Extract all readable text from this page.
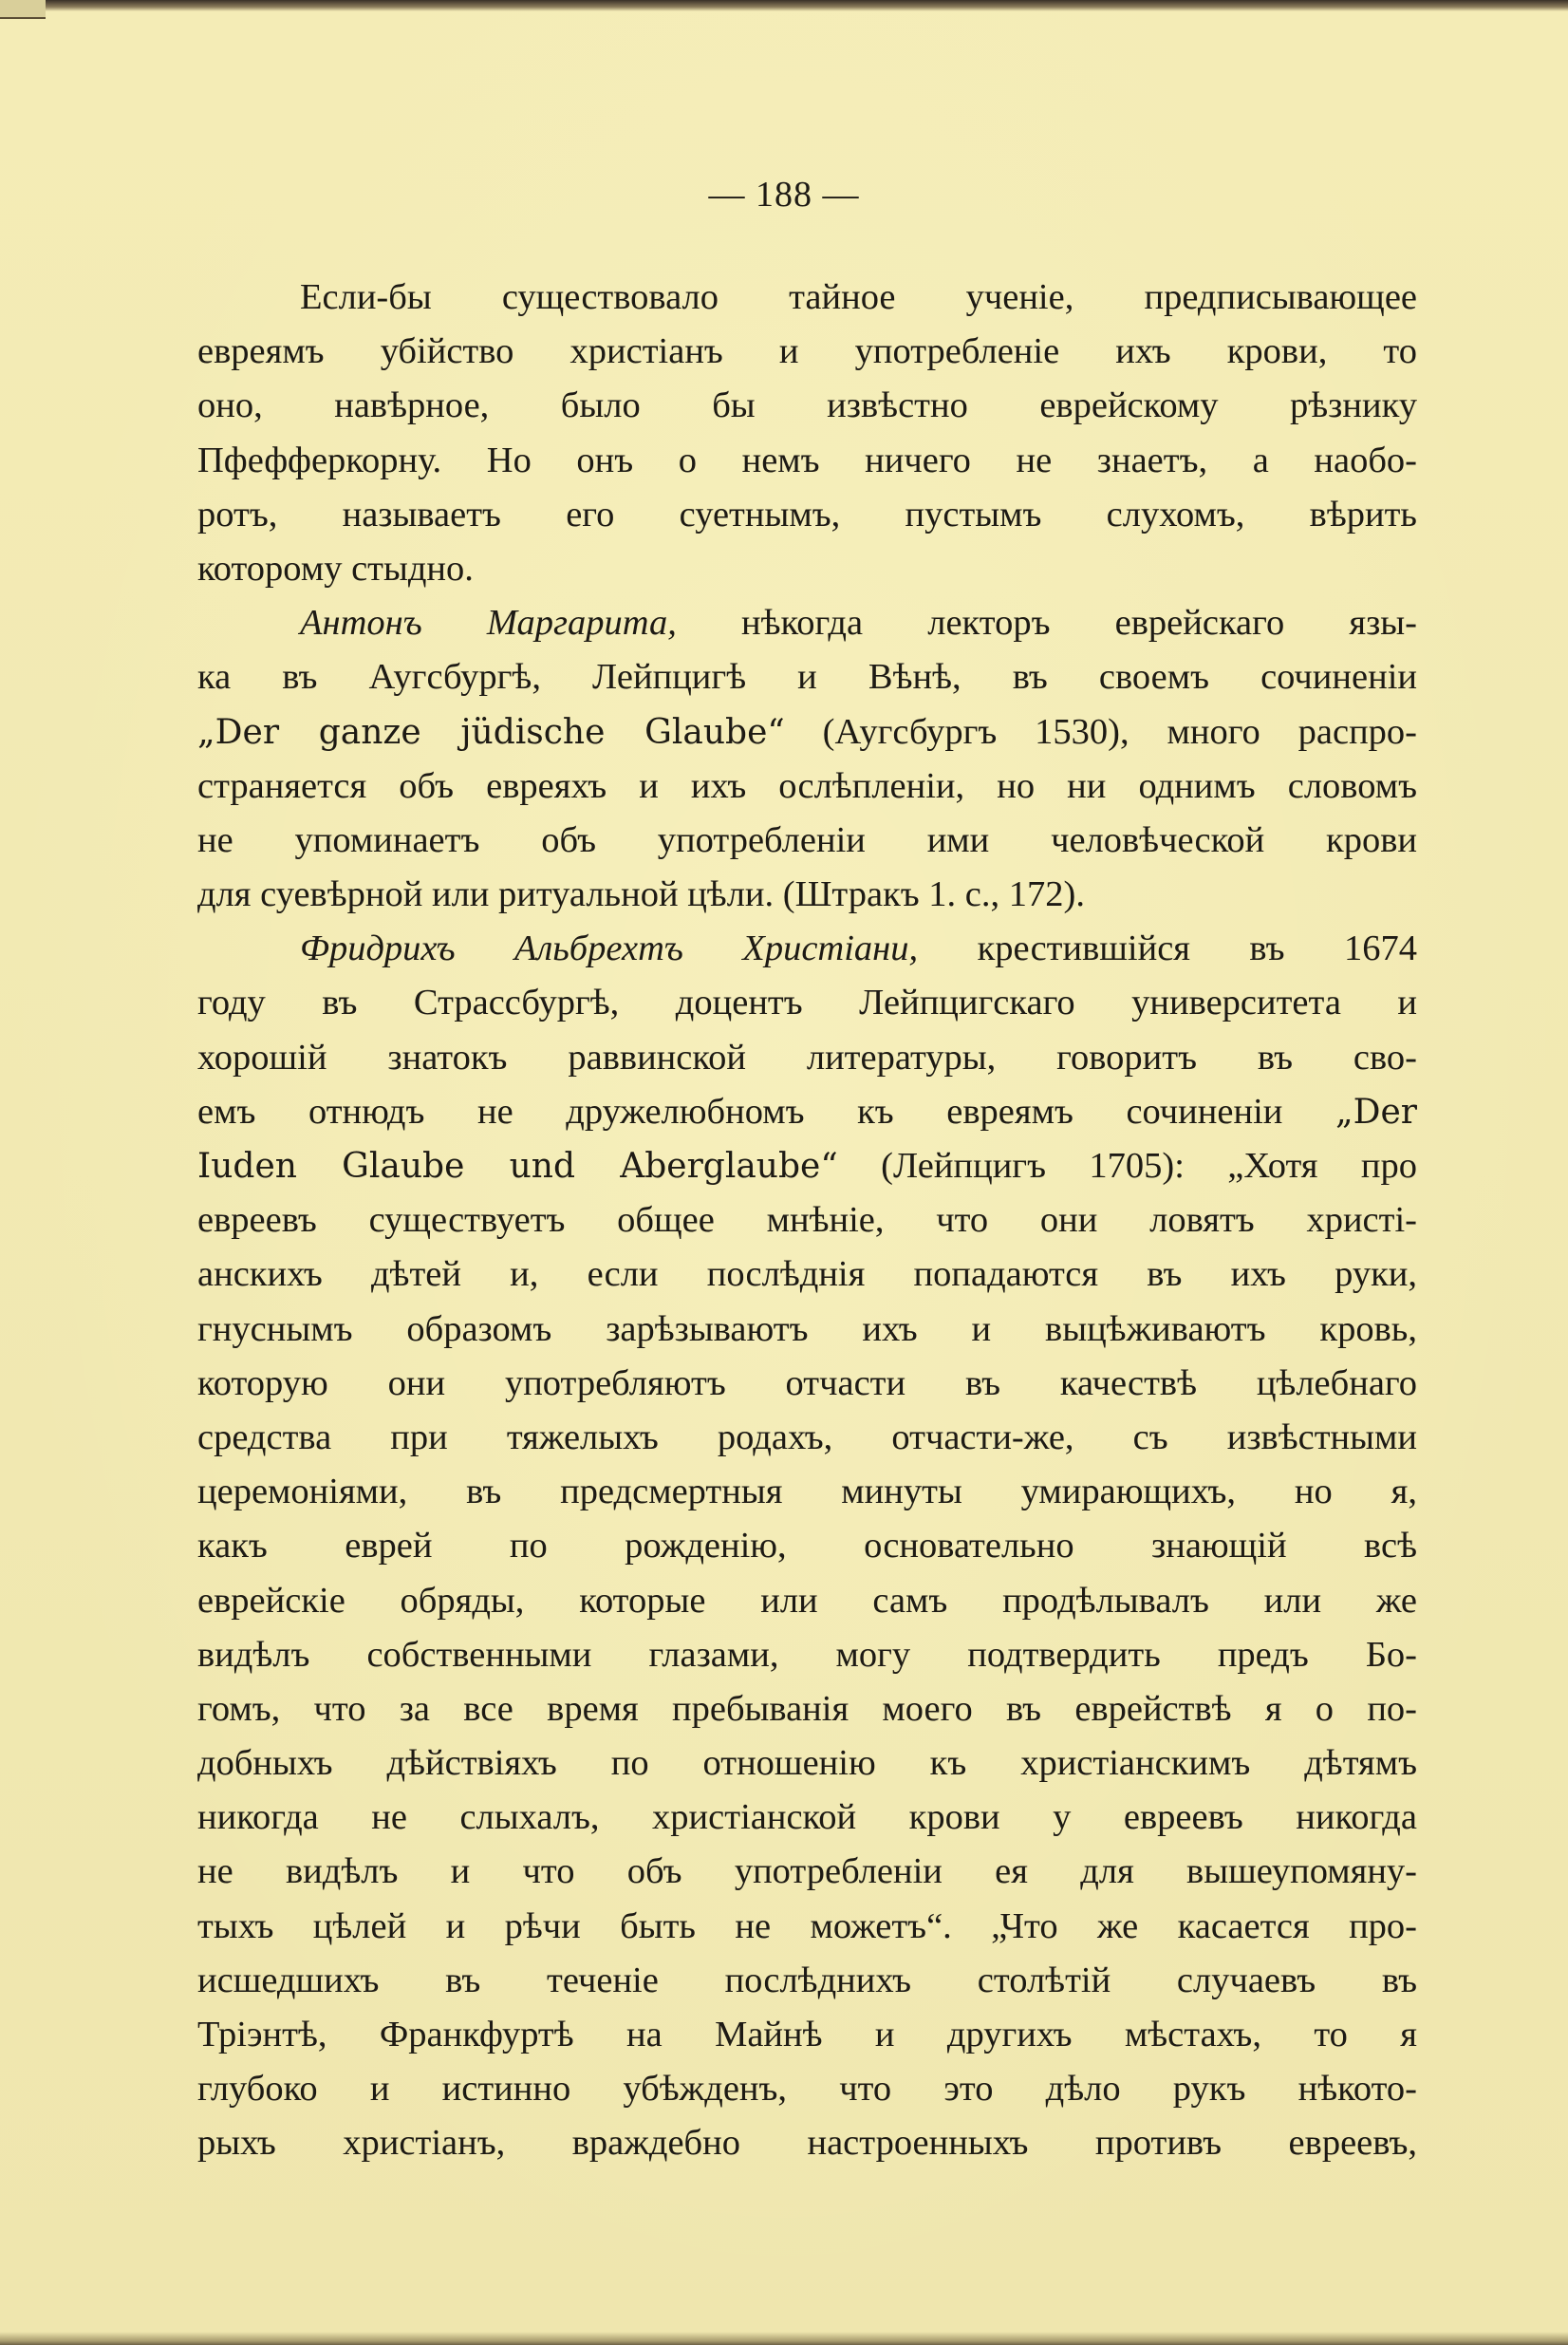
— 188 —
Если-бы существовало тайное ученіе, предписывающее
евреямъ убійство христіанъ и употребленіе ихъ крови, то
оно, навѣрное, было бы извѣстно еврейскому рѣзнику
Пфефферкорну. Но онъ о немъ ничего не знаетъ, а наобо-
ротъ, называетъ его суетнымъ, пустымъ слухомъ, вѣрить
которому стыдно.
Антонъ Маргарита, нѣкогда лекторъ еврейскаго язы-
ка въ Аугсбургѣ, Лейпцигѣ и Вѣнѣ, въ своемъ сочиненіи
„Der ganze jüdische Glaube“ (Аугсбургъ 1530), много распро-
страняется объ евреяхъ и ихъ ослѣпленіи, но ни однимъ словомъ
не упоминаетъ объ употребленіи ими человѣческой крови
для суевѣрной или ритуальной цѣли. (Штракъ 1. с., 172).
Фридрихъ Альбрехтъ Христіани, крестившійся въ 1674
году въ Страссбургѣ, доцентъ Лейпцигскаго университета и
хорошій знатокъ раввинской литературы, говоритъ въ сво-
емъ отнюдъ не дружелюбномъ къ евреямъ сочиненіи „Der
Iuden Glaube und Aberglaube“ (Лейпцигъ 1705): „Хотя про
евреевъ существуетъ общее мнѣніе, что они ловятъ христі-
анскихъ дѣтей и, если послѣднія попадаются въ ихъ руки,
гнуснымъ образомъ зарѣзываютъ ихъ и выцѣживаютъ кровь,
которую они употребляютъ отчасти въ качествѣ цѣлебнаго
средства при тяжелыхъ родахъ, отчасти-же, съ извѣстными
церемоніями, въ предсмертныя минуты умирающихъ, но я,
какъ еврей по рожденію, основательно знающій всѣ
еврейскіе обряды, которые или самъ продѣлывалъ или же
видѣлъ собственными глазами, могу подтвердить предъ Бо-
гомъ, что за все время пребыванія моего въ еврействѣ я о по-
добныхъ дѣйствіяхъ по отношенію къ христіанскимъ дѣтямъ
никогда не слыхалъ, христіанской крови у евреевъ никогда
не видѣлъ и что объ употребленіи ея для вышеупомяну-
тыхъ цѣлей и рѣчи быть не можетъ“. „Что же касается про-
исшедшихъ въ теченіе послѣднихъ столѣтій случаевъ въ
Тріэнтѣ, Франкфуртѣ на Майнѣ и другихъ мѣстахъ, то я
глубоко и истинно убѣжденъ, что это дѣло рукъ нѣкото-
рыхъ христіанъ, враждебно настроенныхъ противъ евреевъ,
